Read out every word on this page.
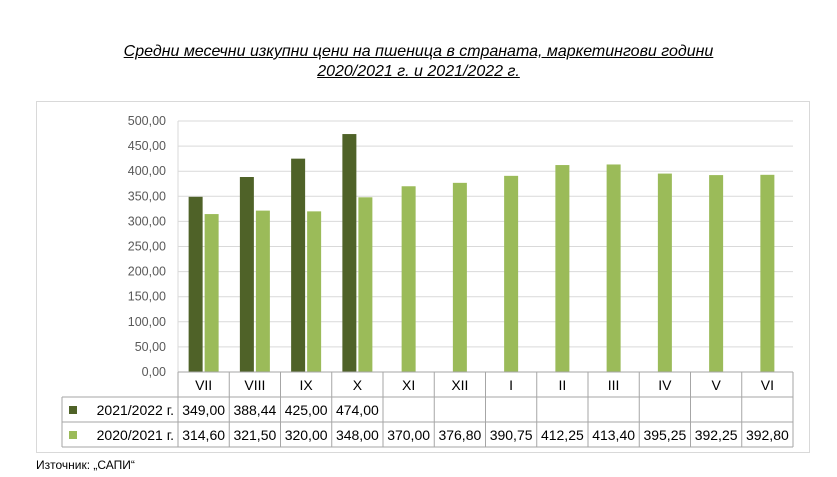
Средни месечни изкупни цени на пшеница в страната, маркетингови години
2020/2021 г. и 2021/2022 г.
0,00
50,00
100,00
150,00
200,00
250,00
300,00
350,00
400,00
450,00
500,00
VII VIII IX	X	XI	XII	I	II	III	IV	V	VI
2021/2022 г. 349,00 388,44 425,00 474,00
2020/2021 г. 314,60 321,50 320,00 348,00 370,00 376,80 390,75 412,25 413,40 395,25 392,25 392,80
Източник: „САПИ“
